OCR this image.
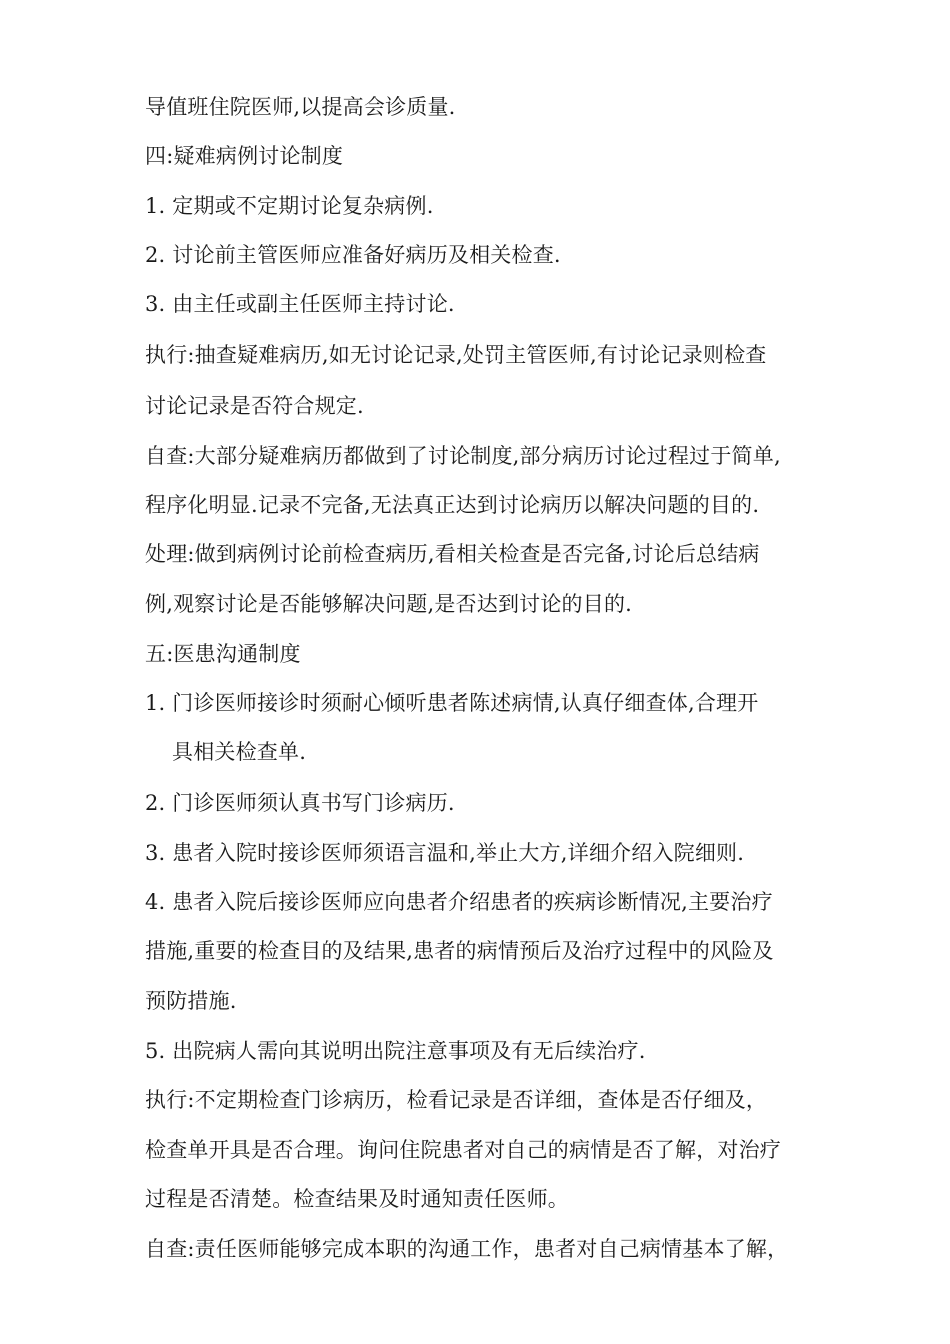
导值班住院医师,以提高会诊质量.
四:疑难病例讨论制度
1. 定期或不定期讨论复杂病例.
2. 讨论前主管医师应准备好病历及相关检查.
3. 由主任或副主任医师主持讨论.
执行:抽查疑难病历,如无讨论记录,处罚主管医师,有讨论记录则检查
讨论记录是否符合规定.
自查:大部分疑难病历都做到了讨论制度,部分病历讨论过程过于简单,
程序化明显.记录不完备,无法真正达到讨论病历以解决问题的目的.
处理:做到病例讨论前检查病历,看相关检查是否完备,讨论后总结病
例,观察讨论是否能够解决问题,是否达到讨论的目的.
五:医患沟通制度
1. 门诊医师接诊时须耐心倾听患者陈述病情,认真仔细查体,合理开
具相关检查单.
2. 门诊医师须认真书写门诊病历.
3. 患者入院时接诊医师须语言温和,举止大方,详细介绍入院细则.
4. 患者入院后接诊医师应向患者介绍患者的疾病诊断情况,主要治疗
措施,重要的检查目的及结果,患者的病情预后及治疗过程中的风险及
预防措施.
5. 出院病人需向其说明出院注意事项及有无后续治疗.
执行:不定期检查门诊病历，检看记录是否详细，查体是否仔细及，
检查单开具是否合理。询问住院患者对自己的病情是否了解，对治疗
过程是否清楚。检查结果及时通知责任医师。
自查:责任医师能够完成本职的沟通工作，患者对自己病情基本了解，
